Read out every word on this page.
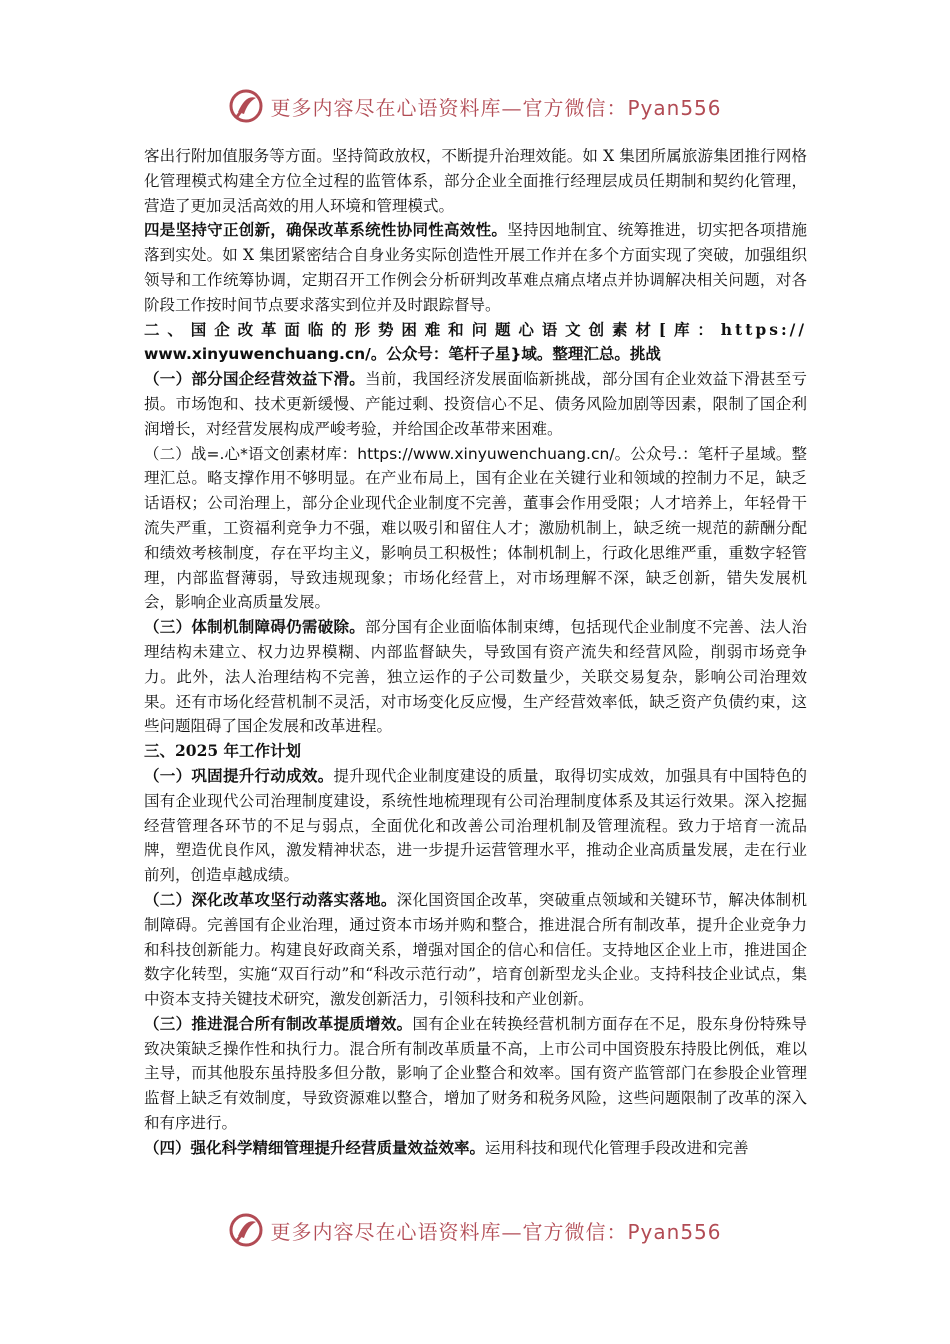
更多内容尽在心语资料库—官方微信：Pyan556

客出行附加值服务等方面。坚持简政放权，不断提升治理效能。如 X 集团所属旅游集团推行网格化管理模式构建全方位全过程的监管体系，部分企业全面推行经理层成员任期制和契约化管理，营造了更加灵活高效的用人环境和管理模式。

四是坚持守正创新，确保改革系统性协同性高效性。坚持因地制宜、统筹推进，切实把各项措施落到实处。如 X 集团紧密结合自身业务实际创造性开展工作并在多个方面实现了突破，加强组织领导和工作统筹协调，定期召开工作例会分析研判改革难点痛点堵点并协调解决相关问题，对各阶段工作按时间节点要求落实到位并及时跟踪督导。

二、国企改革面临的形势困难和问题心语文创素材[库：https://

www.xinyuwenchuang.cn/。公众号：笔杆子星}域。整理汇总。挑战

（一）部分国企经营效益下滑。当前，我国经济发展面临新挑战，部分国有企业效益下滑甚至亏损。市场饱和、技术更新缓慢、产能过剩、投资信心不足、债务风险加剧等因素，限制了国企利润增长，对经营发展构成严峻考验，并给国企改革带来困难。

（二）战=.心*语文创素材库：https://www.xinyuwenchuang.cn/。公众号.：笔杆子星域。整理汇总。略支撑作用不够明显。在产业布局上，国有企业在关键行业和领域的控制力不足，缺乏话语权；公司治理上，部分企业现代企业制度不完善，董事会作用受限；人才培养上，年轻骨干流失严重，工资福利竞争力不强，难以吸引和留住人才；激励机制上，缺乏统一规范的薪酬分配和绩效考核制度，存在平均主义，影响员工积极性；体制机制上，行政化思维严重，重数字轻管理，内部监督薄弱，导致违规现象；市场化经营上，对市场理解不深，缺乏创新，错失发展机会，影响企业高质量发展。

（三）体制机制障碍仍需破除。部分国有企业面临体制束缚，包括现代企业制度不完善、法人治理结构未建立、权力边界模糊、内部监督缺失，导致国有资产流失和经营风险，削弱市场竞争力。此外，法人治理结构不完善，独立运作的子公司数量少，关联交易复杂，影响公司治理效果。还有市场化经营机制不灵活，对市场变化反应慢，生产经营效率低，缺乏资产负债约束，这些问题阻碍了国企发展和改革进程。

三、2025 年工作计划

（一）巩固提升行动成效。提升现代企业制度建设的质量，取得切实成效，加强具有中国特色的国有企业现代公司治理制度建设，系统性地梳理现有公司治理制度体系及其运行效果。深入挖掘经营管理各环节的不足与弱点，全面优化和改善公司治理机制及管理流程。致力于培育一流品牌，塑造优良作风，激发精神状态，进一步提升运营管理水平，推动企业高质量发展，走在行业前列，创造卓越成绩。

（二）深化改革攻坚行动落实落地。深化国资国企改革，突破重点领域和关键环节，解决体制机制障碍。完善国有企业治理，通过资本市场并购和整合，推进混合所有制改革，提升企业竞争力和科技创新能力。构建良好政商关系，增强对国企的信心和信任。支持地区企业上市，推进国企数字化转型，实施“双百行动”和“科改示范行动”，培育创新型龙头企业。支持科技企业试点，集中资本支持关键技术研究，激发创新活力，引领科技和产业创新。

（三）推进混合所有制改革提质增效。国有企业在转换经营机制方面存在不足，股东身份特殊导致决策缺乏操作性和执行力。混合所有制改革质量不高，上市公司中国资股东持股比例低，难以主导，而其他股东虽持股多但分散，影响了企业整合和效率。国有资产监管部门在参股企业管理监督上缺乏有效制度，导致资源难以整合，增加了财务和税务风险，这些问题限制了改革的深入和有序进行。

（四）强化科学精细管理提升经营质量效益效率。运用科技和现代化管理手段改进和完善

更多内容尽在心语资料库—官方微信：Pyan556
